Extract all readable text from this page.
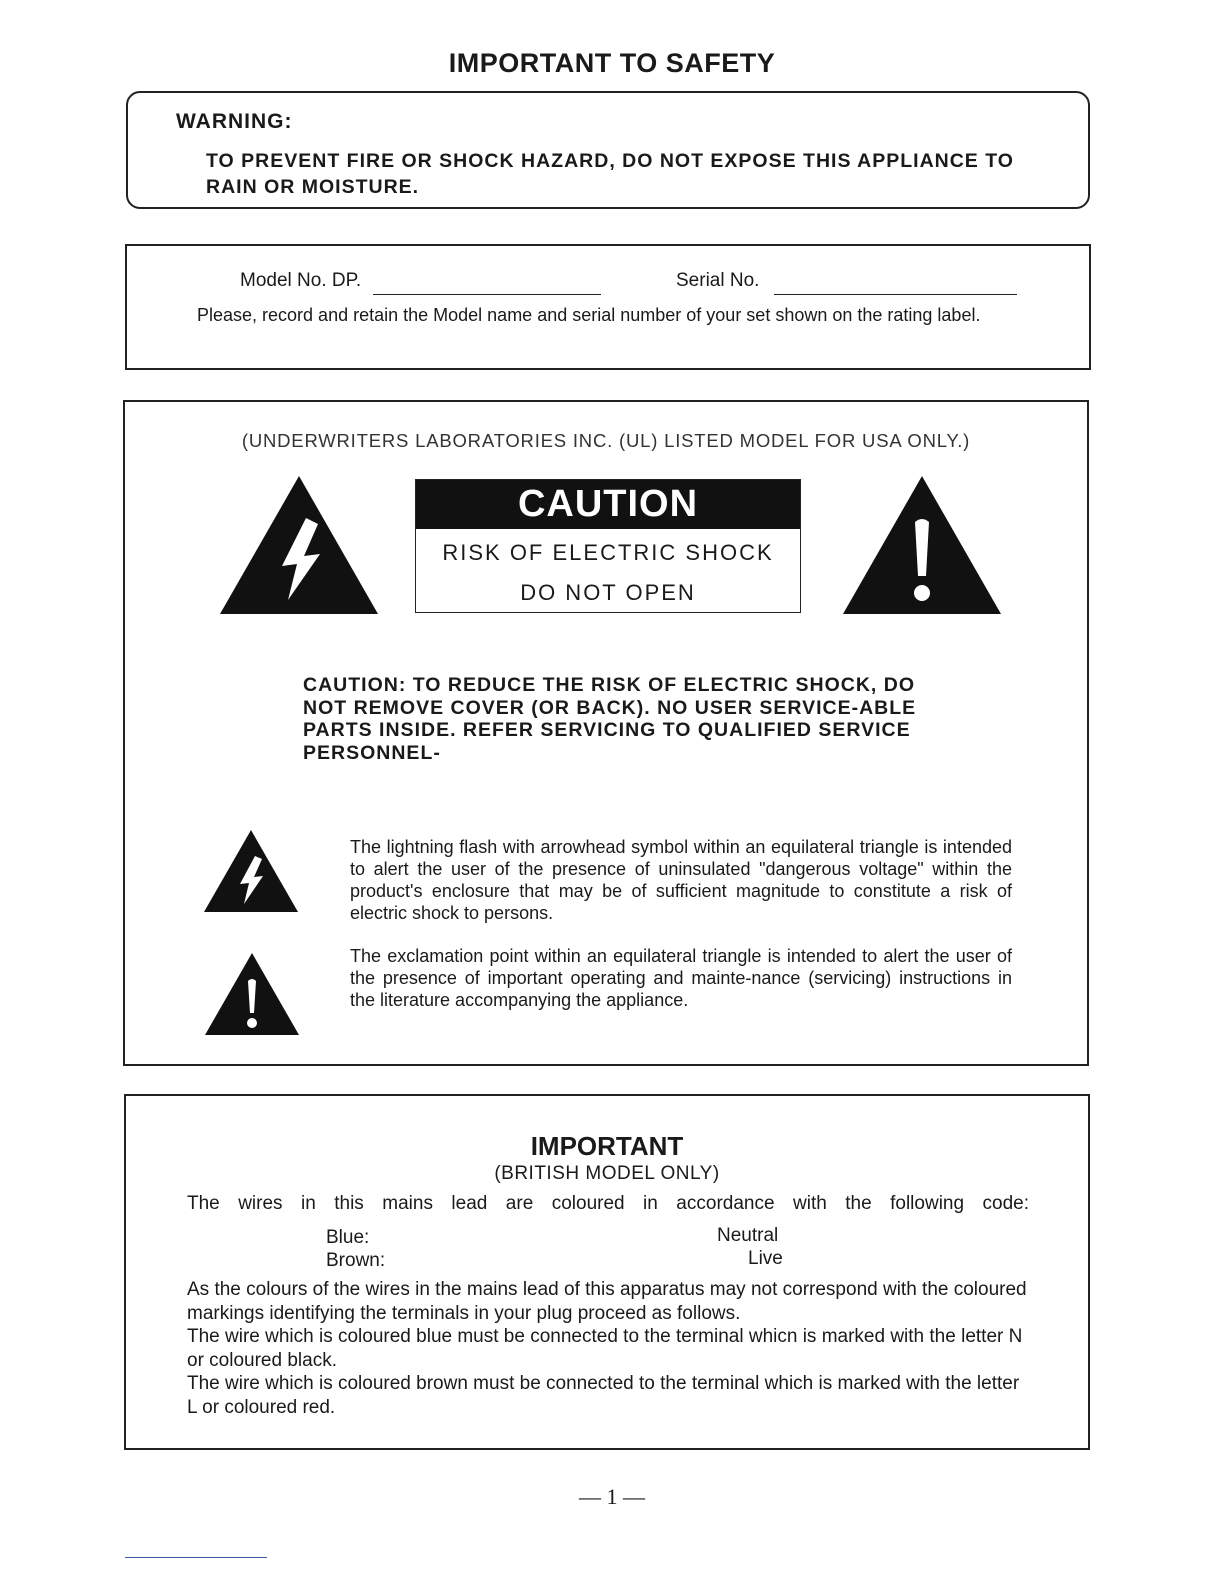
IMPORTANT TO SAFETY
WARNING:
TO PREVENT FIRE OR SHOCK HAZARD, DO NOT EXPOSE THIS APPLIANCE TO RAIN OR MOISTURE.
Model No. DP.	Serial No.
Please, record and retain the Model name and serial number of your set shown on the rating label.
(UNDERWRITERS LABORATORIES INC. (UL) LISTED MODEL FOR USA ONLY.)
CAUTION
RISK OF ELECTRIC SHOCK
DO NOT OPEN
CAUTION: TO REDUCE THE RISK OF ELECTRIC SHOCK, DO NOT REMOVE COVER (OR BACK). NO USER SERVICE-ABLE PARTS INSIDE. REFER SERVICING TO QUALIFIED SERVICE PERSONNEL-
The lightning flash with arrowhead symbol within an equilateral triangle is intended to alert the user of the presence of uninsulated "dangerous voltage" within the product's enclosure that may be of sufficient magnitude to constitute a risk of electric shock to persons.
The exclamation point within an equilateral triangle is intended to alert the user of the presence of important operating and mainte-nance (servicing) instructions in the literature accompanying the appliance.
IMPORTANT
(BRITISH MODEL ONLY)
The wires in this mains lead are coloured in accordance with the following code:
Blue:	Neutral
Brown:	Live

As the colours of the wires in the mains lead of this apparatus may not correspond with the coloured markings identifying the terminals in your plug proceed as follows.

The wire which is coloured blue must be connected to the terminal whicn is marked with the letter N or coloured black.

The wire which is coloured brown must be connected to the terminal which is marked with the letter L or coloured red.

— 1 —
